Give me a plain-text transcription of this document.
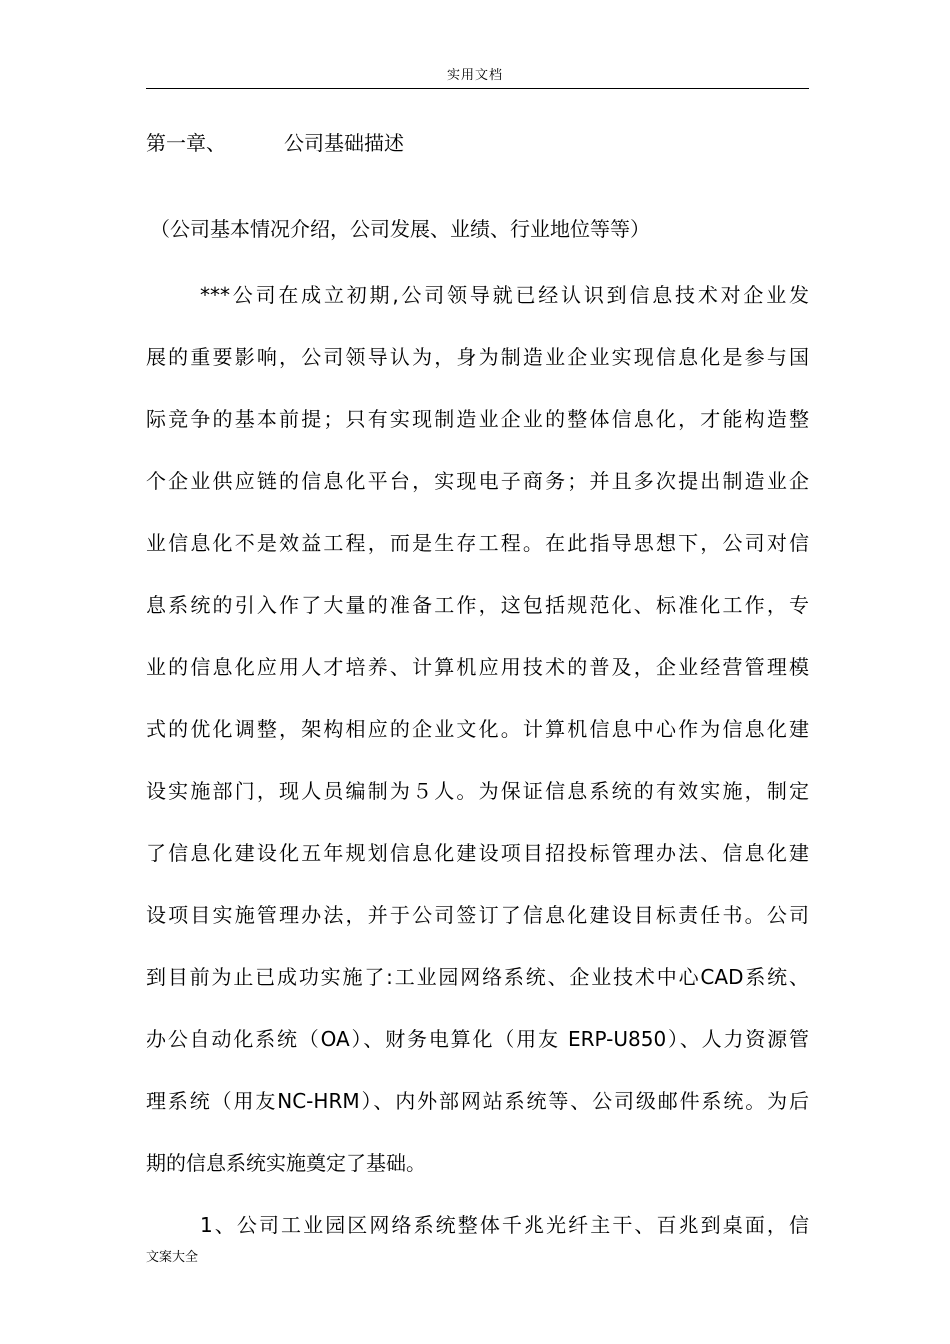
实用文档
第一章、	公司基础描述
（公司基本情况介绍，公司发展、业绩、行业地位等等）
***公司在成立初期,公司领导就已经认识到信息技术对企业发
展的重要影响，公司领导认为，身为制造业企业实现信息化是参与国
际竞争的基本前提；只有实现制造业企业的整体信息化，才能构造整
个企业供应链的信息化平台，实现电子商务；并且多次提出制造业企
业信息化不是效益工程，而是生存工程。在此指导思想下，公司对信
息系统的引入作了大量的准备工作，这包括规范化、标准化工作，专
业的信息化应用人才培养、计算机应用技术的普及，企业经营管理模
式的优化调整，架构相应的企业文化。计算机信息中心作为信息化建
设实施部门，现人员编制为５人。为保证信息系统的有效实施，制定
了信息化建设化五年规划信息化建设项目招投标管理办法、信息化建
设项目实施管理办法，并于公司签订了信息化建设目标责任书。公司
到目前为止已成功实施了:工业园网络系统、企业技术中心CAD系统、
办公自动化系统（OA）、财务电算化（用友 ERP-U850）、人力资源管
理系统（用友NC-HRM）、内外部网站系统等、公司级邮件系统。为后
期的信息系统实施奠定了基础。
1、公司工业园区网络系统整体千兆光纤主干、百兆到桌面，信
文案大全
